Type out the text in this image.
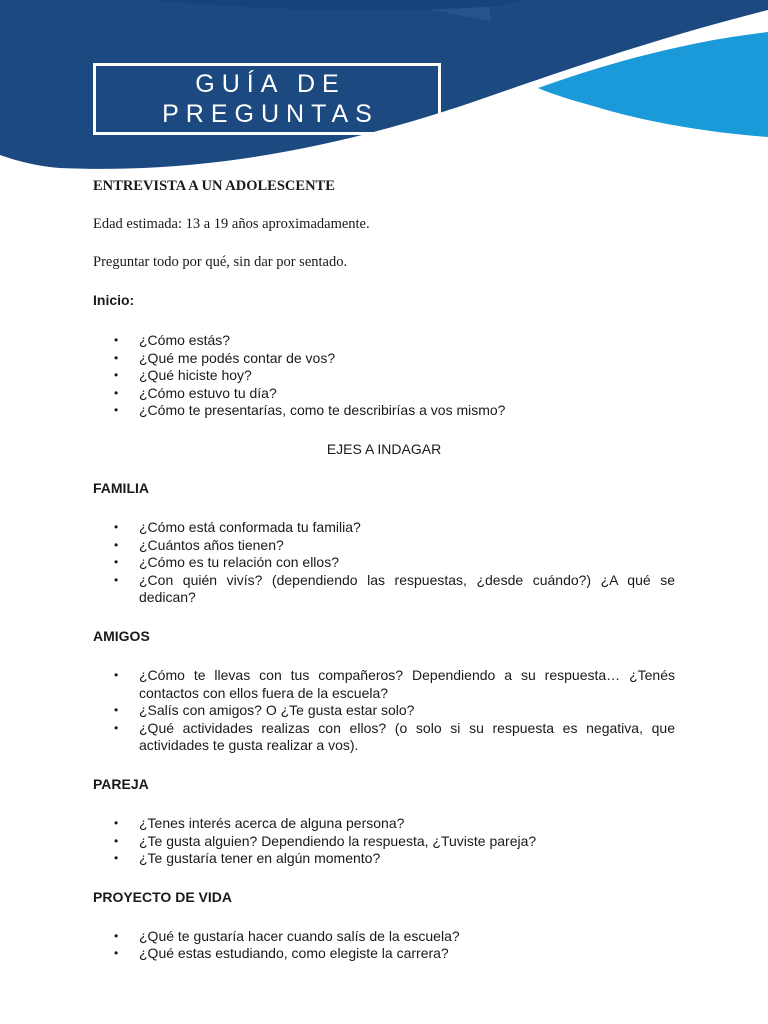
GUÍA DE
PREGUNTAS

ENTREVISTA A UN ADOLESCENTE

Edad estimada: 13 a 19 años aproximadamente.

Preguntar todo por qué, sin dar por sentado.

Inicio:

• ¿Cómo estás?
• ¿Qué me podés contar de vos?
• ¿Qué hiciste hoy?
• ¿Cómo estuvo tu día?
• ¿Cómo te presentarías, como te describirías a vos mismo?

EJES A INDAGAR

FAMILIA

• ¿Cómo está conformada tu familia?
• ¿Cuántos años tienen?
• ¿Cómo es tu relación con ellos?
• ¿Con quién vivís? (dependiendo las respuestas, ¿desde cuándo?) ¿A qué se dedican?

AMIGOS

• ¿Cómo te llevas con tus compañeros? Dependiendo a su respuesta… ¿Tenés contactos con ellos fuera de la escuela?
• ¿Salís con amigos? O ¿Te gusta estar solo?
• ¿Qué actividades realizas con ellos? (o solo si su respuesta es negativa, que actividades te gusta realizar a vos).

PAREJA

• ¿Tenes interés acerca de alguna persona?
• ¿Te gusta alguien? Dependiendo la respuesta, ¿Tuviste pareja?
• ¿Te gustaría tener en algún momento?

PROYECTO DE VIDA

• ¿Qué te gustaría hacer cuando salís de la escuela?
• ¿Qué estas estudiando, como elegiste la carrera?
